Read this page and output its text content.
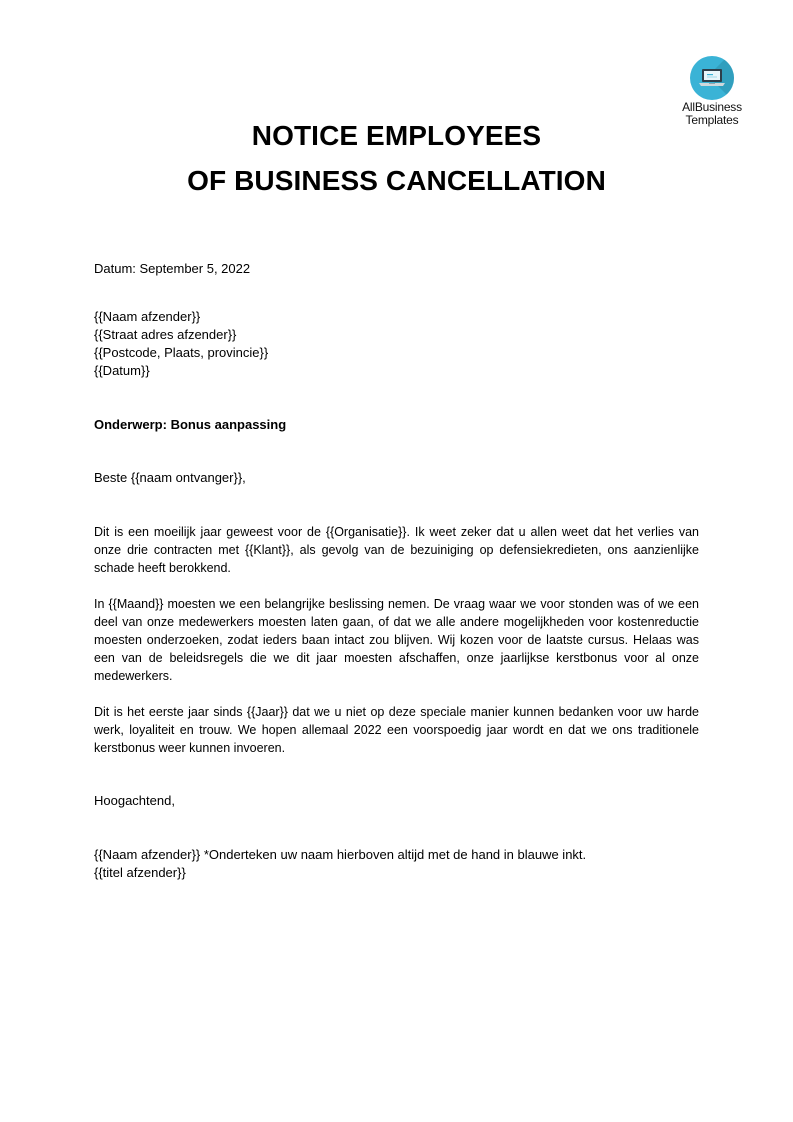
AllBusiness
Templates
NOTICE EMPLOYEES
OF BUSINESS CANCELLATION
Datum: September 5, 2022
{{Naam afzender}}
{{Straat adres afzender}}
{{Postcode, Plaats, provincie}}
{{Datum}}
Onderwerp: Bonus aanpassing
Beste {{naam ontvanger}},
Dit is een moeilijk jaar geweest voor de {{Organisatie}}. Ik weet zeker dat u allen weet dat het verlies van onze drie contracten met {{Klant}}, als gevolg van de bezuiniging op defensiekredieten, ons aanzienlijke schade heeft berokkend.
In {{Maand}} moesten we een belangrijke beslissing nemen. De vraag waar we voor stonden was of we een deel van onze medewerkers moesten laten gaan, of dat we alle andere mogelijkheden voor kostenreductie moesten onderzoeken, zodat ieders baan intact zou blijven. Wij kozen voor de laatste cursus. Helaas was een van de beleidsregels die we dit jaar moesten afschaffen, onze jaarlijkse kerstbonus voor al onze medewerkers.
Dit is het eerste jaar sinds {{Jaar}} dat we u niet op deze speciale manier kunnen bedanken voor uw harde werk, loyaliteit en trouw. We hopen allemaal 2022 een voorspoedig jaar wordt en dat we ons traditionele kerstbonus weer kunnen invoeren.
Hoogachtend,
{{Naam afzender}} *Onderteken uw naam hierboven altijd met de hand in blauwe inkt.
{{titel afzender}}
